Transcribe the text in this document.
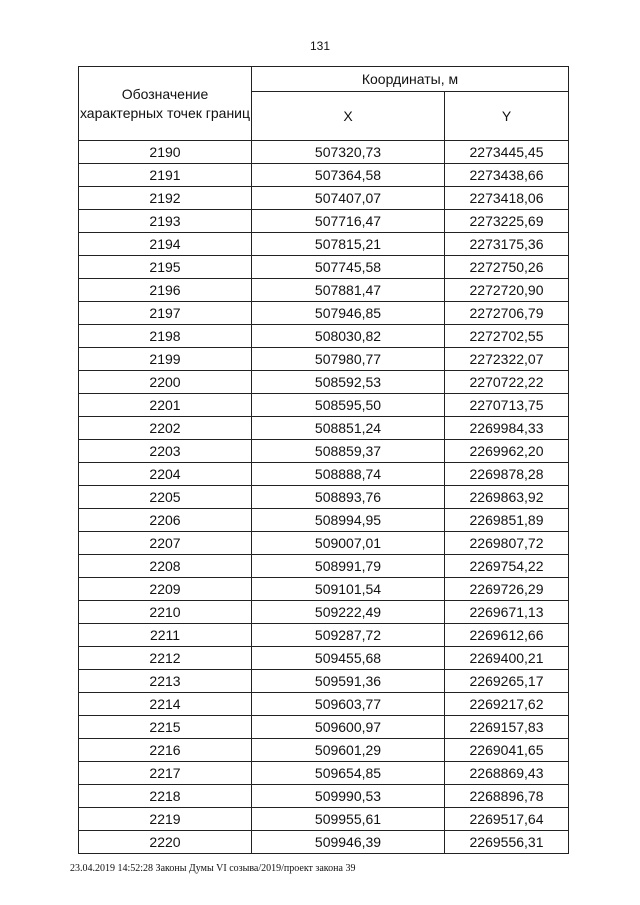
131
Обозначение характерных точек границ	Координаты, м	
	X	Y
2190	507320,73	2273445,45
2191	507364,58	2273438,66
2192	507407,07	2273418,06
2193	507716,47	2273225,69
2194	507815,21	2273175,36
2195	507745,58	2272750,26
2196	507881,47	2272720,90
2197	507946,85	2272706,79
2198	508030,82	2272702,55
2199	507980,77	2272322,07
2200	508592,53	2270722,22
2201	508595,50	2270713,75
2202	508851,24	2269984,33
2203	508859,37	2269962,20
2204	508888,74	2269878,28
2205	508893,76	2269863,92
2206	508994,95	2269851,89
2207	509007,01	2269807,72
2208	508991,79	2269754,22
2209	509101,54	2269726,29
2210	509222,49	2269671,13
2211	509287,72	2269612,66
2212	509455,68	2269400,21
2213	509591,36	2269265,17
2214	509603,77	2269217,62
2215	509600,97	2269157,83
2216	509601,29	2269041,65
2217	509654,85	2268869,43
2218	509990,53	2268896,78
2219	509955,61	2269517,64
2220	509946,39	2269556,31
23.04.2019 14:52:28 Законы Думы VI созыва/2019/проект закона 39
